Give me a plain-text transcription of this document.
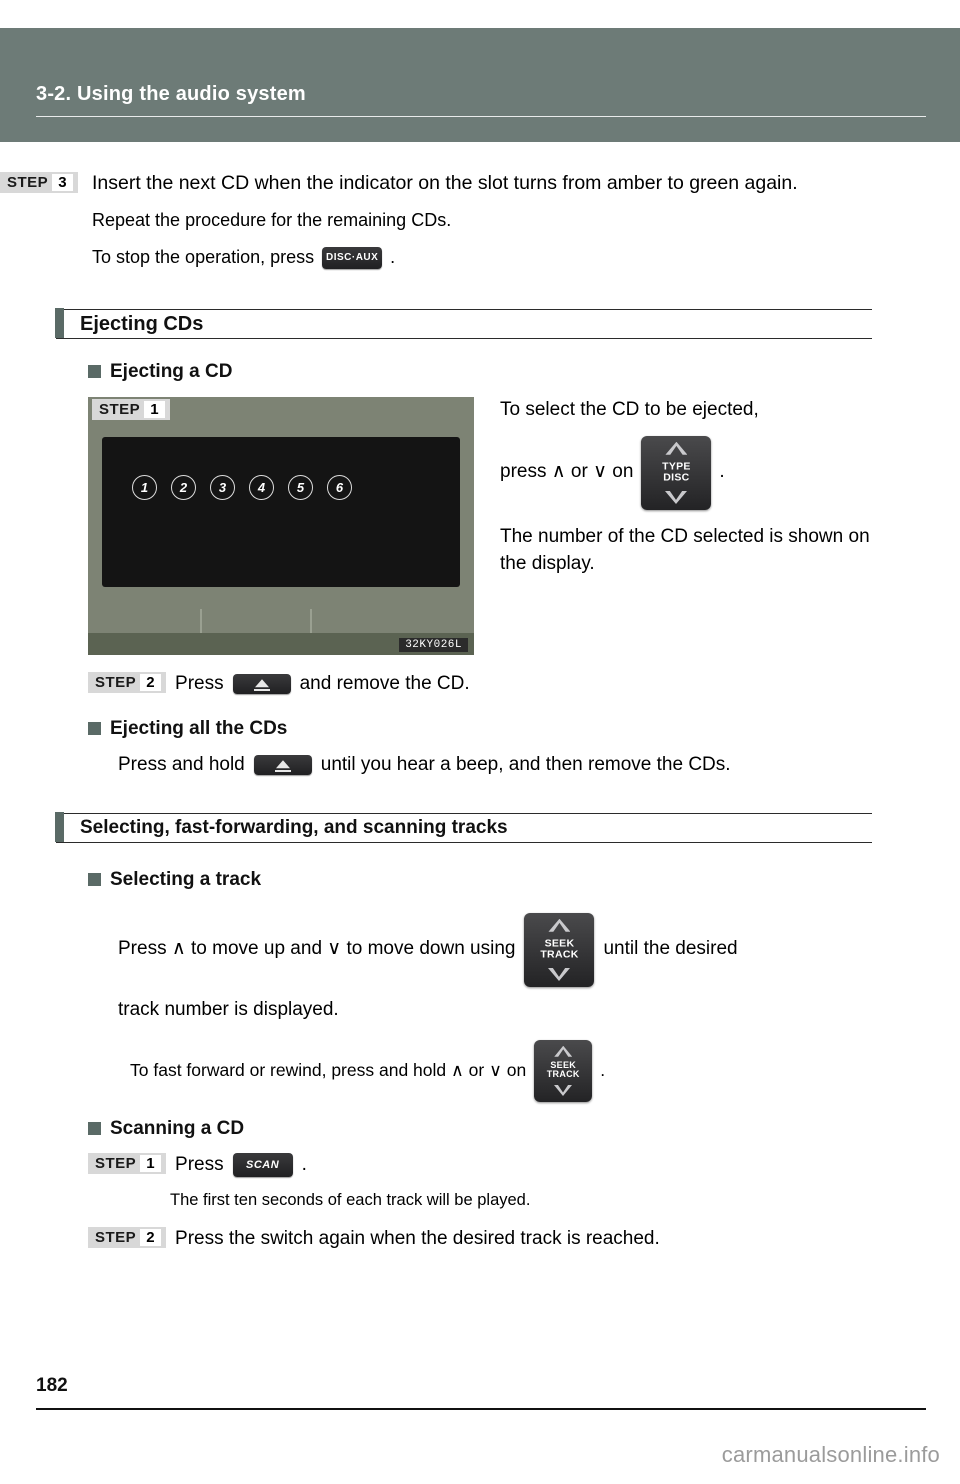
3-2. Using the audio system
STEP 3	Insert the next CD when the indicator on the slot turns from amber to green again.
Repeat the procedure for the remaining CDs.
To stop the operation, press	DISC·AUX .
Ejecting CDs
Ejecting a CD
STEP 1
1	2	3	4	5	6
32KY026L
To select the CD to be ejected,
press ∧ or ∨ on	TYPE
DISC	.
The number of the CD selected is shown on the display.
STEP 2	Press	and remove the CD.
Ejecting all the CDs
Press and hold	until you hear a beep, and then remove the CDs.
Selecting, fast-forwarding, and scanning tracks
Selecting a track
Press ∧ to move up and ∨ to move down using	SEEK
TRACK	until the desired
track number is displayed.
To fast forward or rewind, press and hold ∧ or ∨ on	SEEK
TRACK	.
Scanning a CD
STEP 1	Press	SCAN	.
The first ten seconds of each track will be played.
STEP 2	Press the switch again when the desired track is reached.
182
carmanualsonline.info
